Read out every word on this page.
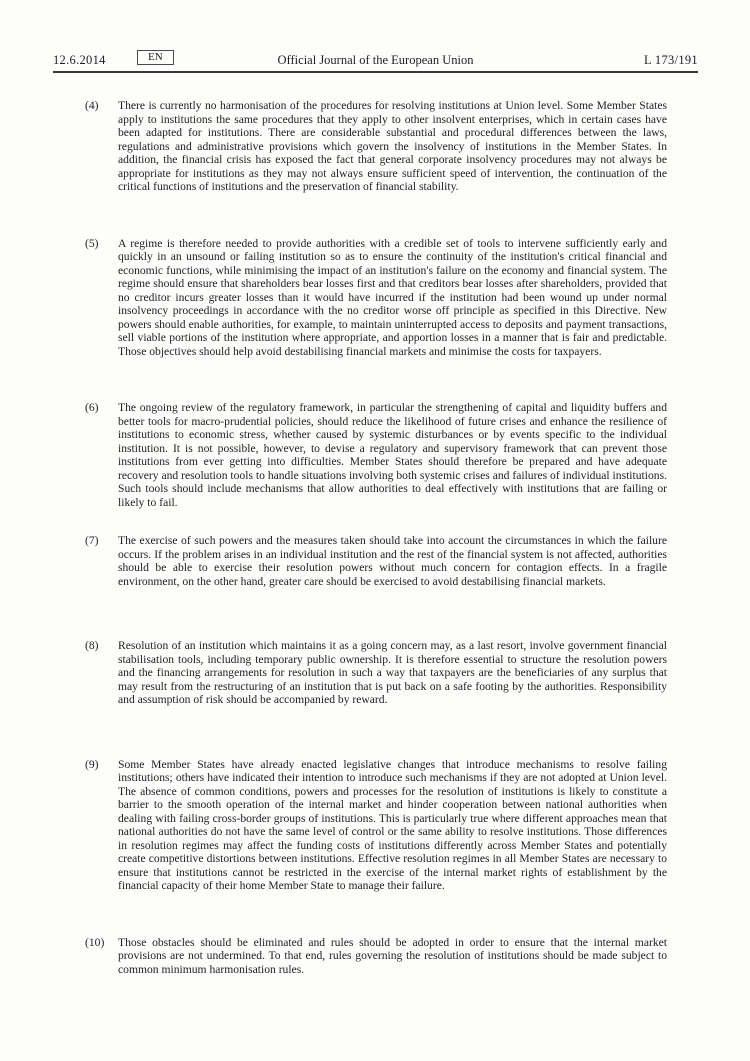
12.6.2014	EN	Official Journal of the European Union	L 173/191
(4) There is currently no harmonisation of the procedures for resolving institutions at Union level. Some Member States apply to institutions the same procedures that they apply to other insolvent enterprises, which in certain cases have been adapted for institutions. There are considerable substantial and procedural differences between the laws, regulations and administrative provisions which govern the insolvency of institutions in the Member States. In addition, the financial crisis has exposed the fact that general corporate insolvency procedures may not always be appropriate for institutions as they may not always ensure sufficient speed of intervention, the continuation of the critical functions of institutions and the preservation of financial stability.
(5) A regime is therefore needed to provide authorities with a credible set of tools to intervene sufficiently early and quickly in an unsound or failing institution so as to ensure the continuity of the institution's critical financial and economic functions, while minimising the impact of an institution's failure on the economy and financial system. The regime should ensure that shareholders bear losses first and that creditors bear losses after shareholders, provided that no creditor incurs greater losses than it would have incurred if the institution had been wound up under normal insolvency proceedings in accordance with the no creditor worse off principle as specified in this Directive. New powers should enable authorities, for example, to maintain uninterrupted access to deposits and payment transactions, sell viable portions of the institution where appropriate, and apportion losses in a manner that is fair and predictable. Those objectives should help avoid destabilising financial markets and minimise the costs for taxpayers.
(6) The ongoing review of the regulatory framework, in particular the strengthening of capital and liquidity buffers and better tools for macro-prudential policies, should reduce the likelihood of future crises and enhance the resilience of institutions to economic stress, whether caused by systemic disturbances or by events specific to the individual institution. It is not possible, however, to devise a regulatory and supervisory framework that can prevent those institutions from ever getting into difficulties. Member States should therefore be prepared and have adequate recovery and resolution tools to handle situations involving both systemic crises and failures of individual institutions. Such tools should include mechanisms that allow authorities to deal effectively with institutions that are failing or likely to fail.
(7) The exercise of such powers and the measures taken should take into account the circumstances in which the failure occurs. If the problem arises in an individual institution and the rest of the financial system is not affected, authorities should be able to exercise their resolution powers without much concern for contagion effects. In a fragile environment, on the other hand, greater care should be exercised to avoid destabilising financial markets.
(8) Resolution of an institution which maintains it as a going concern may, as a last resort, involve government financial stabilisation tools, including temporary public ownership. It is therefore essential to structure the resolution powers and the financing arrangements for resolution in such a way that taxpayers are the beneficiaries of any surplus that may result from the restructuring of an institution that is put back on a safe footing by the authorities. Responsibility and assumption of risk should be accompanied by reward.
(9) Some Member States have already enacted legislative changes that introduce mechanisms to resolve failing institutions; others have indicated their intention to introduce such mechanisms if they are not adopted at Union level. The absence of common conditions, powers and processes for the resolution of institutions is likely to constitute a barrier to the smooth operation of the internal market and hinder cooperation between national authorities when dealing with failing cross-border groups of institutions. This is particularly true where different approaches mean that national authorities do not have the same level of control or the same ability to resolve institutions. Those differences in resolution regimes may affect the funding costs of institutions differently across Member States and potentially create competitive distortions between institutions. Effective resolution regimes in all Member States are necessary to ensure that institutions cannot be restricted in the exercise of the internal market rights of establishment by the financial capacity of their home Member State to manage their failure.
(10) Those obstacles should be eliminated and rules should be adopted in order to ensure that the internal market provisions are not undermined. To that end, rules governing the resolution of institutions should be made subject to common minimum harmonisation rules.
